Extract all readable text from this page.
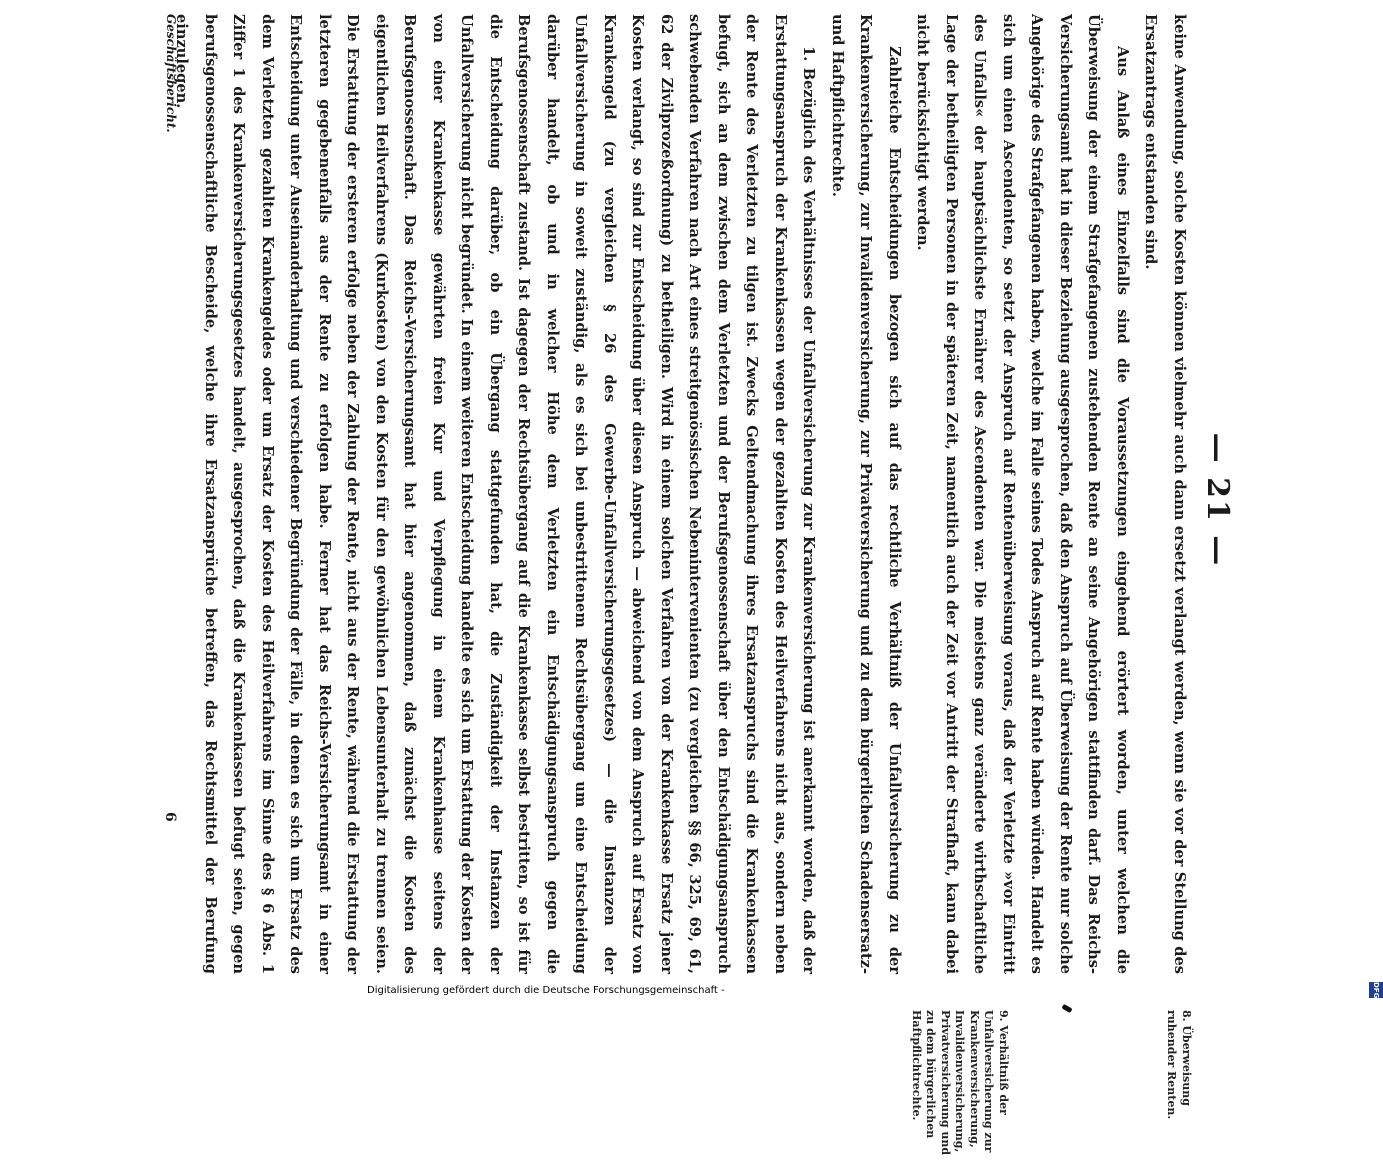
— 21 —
8. Überweisung ruhender Renten.
9. Verhältniß der Unfallversicherung zur Krankenversicherung, Invalidenversicherung, Privatversicherung und zu dem bürgerlichen Haftpflichtrechte.

keine Anwendung, solche Kosten können vielmehr auch dann ersetzt verlangt werden, wenn sie vor der Stellung des Ersatzantrags entstanden sind.

Aus Anlaß eines Einzelfalls sind die Voraussetzungen eingehend erörtert worden, unter welchen die Überweisung der einem Strafgefangenen zustehenden Rente an seine Angehörigen stattfinden darf. Das Reichs-Versicherungsamt hat in dieser Beziehung ausgesprochen, daß den Anspruch auf Überweisung der Rente nur solche Angehörige des Strafgefangenen haben, welche im Falle seines Todes Anspruch auf Rente haben würden. Handelt es sich um einen Ascendenten, so setzt der Anspruch auf Rentenüberweisung voraus, daß der Verletzte »vor Eintritt des Unfalls« der hauptsächlichste Ernährer des Ascendenten war. Die meistens ganz veränderte wirthschaftliche Lage der betheiligten Personen in der späteren Zeit, namentlich auch der Zeit vor Antritt der Strafhaft, kann dabei nicht berücksichtigt werden.

Zahlreiche Entscheidungen bezogen sich auf das rechtliche Verhältniß der Unfallversicherung zu der Krankenversicherung, zur Invalidenversicherung, zur Privatversicherung und zu dem bürgerlichen Schadensersatz- und Haftpflichtrechte.

1. Bezüglich des Verhältnisses der Unfallversicherung zur Krankenversicherung ist anerkannt worden, daß der Erstattungsanspruch der Krankenkassen wegen der gezahlten Kosten des Heilverfahrens nicht aus, sondern neben der Rente des Verletzten zu tilgen ist. Zwecks Geltendmachung ihres Ersatzanspruchs sind die Krankenkassen befugt, sich an dem zwischen dem Verletzten und der Berufsgenossenschaft über den Entschädigungsanspruch schwebenden Verfahren nach Art eines streitgenössischen Nebenintervenienten (zu vergleichen §§ 66, 325, 69, 61, 62 der Zivilprozeßordnung) zu betheiligen. Wird in einem solchen Verfahren von der Krankenkasse Ersatz jener Kosten verlangt, so sind zur Entscheidung über diesen Anspruch — abweichend von dem Anspruch auf Ersatz von Krankengeld (zu vergleichen § 26 des Gewerbe-Unfallversicherungsgesetzes) — die Instanzen der Unfallversicherung in soweit zuständig, als es sich bei unbestrittenem Rechtsübergang um eine Entscheidung darüber handelt, ob und in welcher Höhe dem Verletzten ein Entschädigungsanspruch gegen die Berufsgenossenschaft zustand. Ist dagegen der Rechtsübergang auf die Krankenkasse selbst bestritten, so ist für die Entscheidung darüber, ob ein Übergang stattgefunden hat, die Zuständigkeit der Instanzen der Unfallversicherung nicht begründet. In einem weiteren Entscheidung handelte es sich um Erstattung der Kosten der von einer Krankenkasse gewährten freien Kur und Verpflegung in einem Krankenhause seitens der Berufsgenossenschaft. Das Reichs-Versicherungsamt hat hier angenommen, daß zunächst die Kosten des eigentlichen Heilverfahrens (Kurkosten) von den Kosten für den gewöhnlichen Lebensunterhalt zu trennen seien. Die Erstattung der ersteren erfolge neben der Zahlung der Rente, nicht aus der Rente, während die Erstattung der letzteren gegebenenfalls aus der Rente zu erfolgen habe. Ferner hat das Reichs-Versicherungsamt in einer Entscheidung unter Auseinanderhaltung und verschiedener Begründung der Fälle, in denen es sich um Ersatz des dem Verletzten gezahlten Krankengeldes oder um Ersatz der Kosten des Heilverfahrens im Sinne des § 6 Abs. 1 Ziffer 1 des Krankenversicherungsgesetzes handelt, ausgesprochen, daß die Krankenkassen befugt seien, gegen berufsgenossenschaftliche Bescheide, welche ihre Ersatzansprüche betreffen, das Rechtsmittel der Berufung einzulegen.

Geschäftsbericht.
6
DFG
Digitalisierung gefördert durch die Deutsche Forschungsgemeinschaft -
